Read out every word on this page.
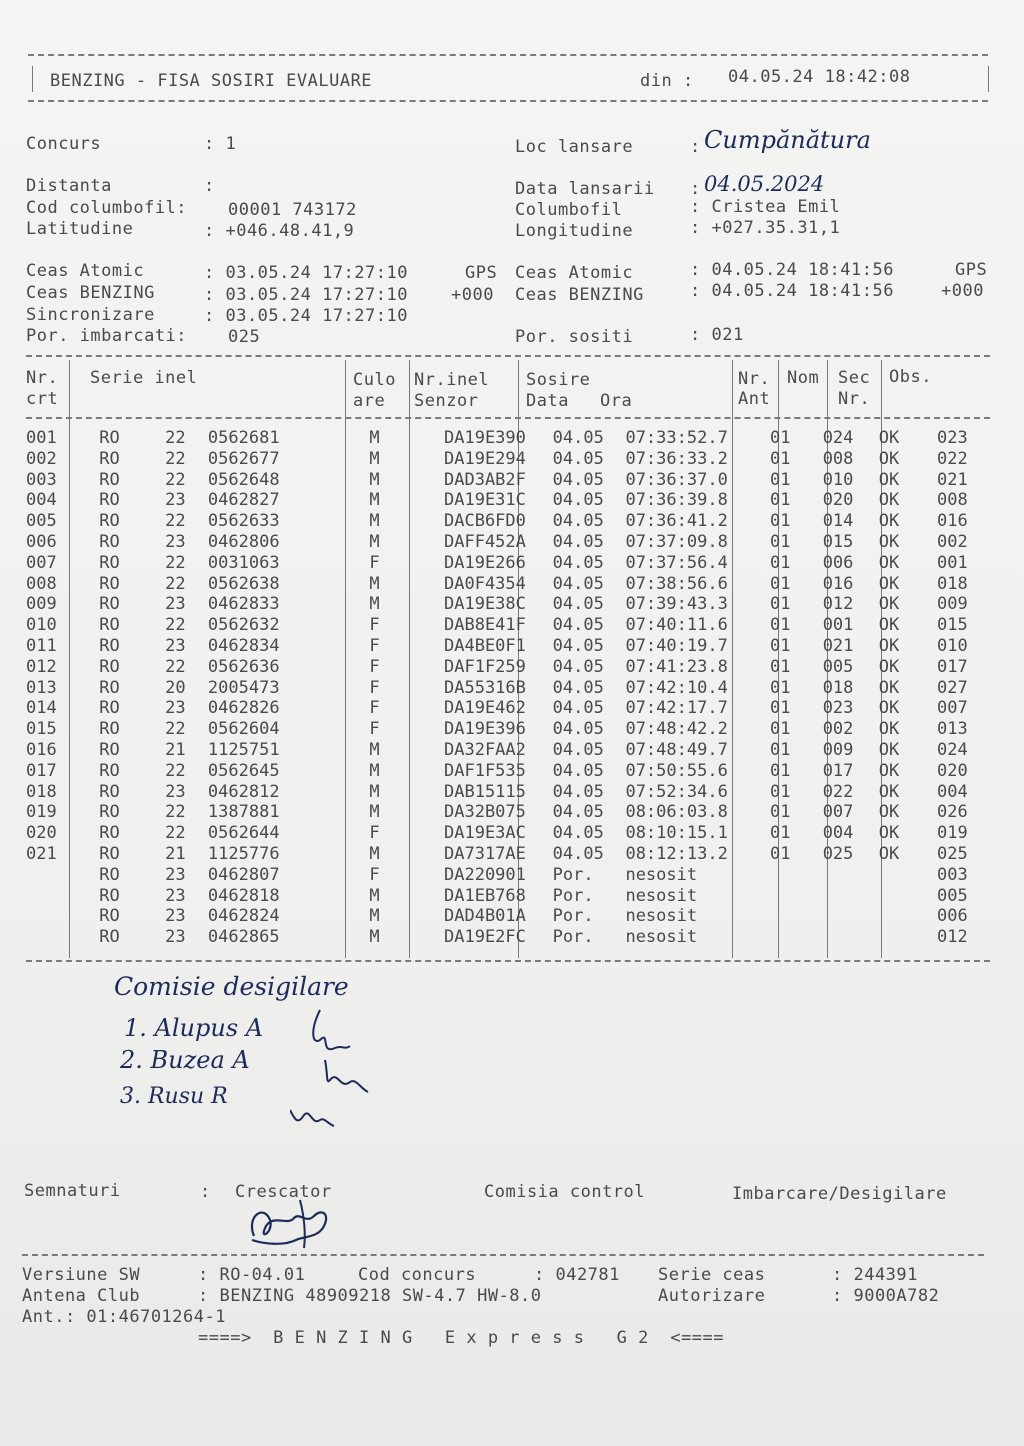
BENZING - FISA SOSIRI EVALUARE	din : 04.05.24 18:42:08
Concurs	: 1	Loc lansare	: Cumpănătura
Distanta	:	Data lansarii : 04.05.2024
Cod columbofil: 00001 743172	Columbofil	: Cristea Emil
Latitudine	: +046.48.41,9	Longitudine	: +027.35.31,1
Ceas Atomic	: 03.05.24 17:27:10	GPS Ceas Atomic	: 04.05.24 18:41:56	GPS
Ceas BENZING	: 03.05.24 17:27:10	+000 Ceas BENZING	: 04.05.24 18:41:56	+000
Sincronizare	: 03.05.24 17:27:10
Por. imbarcati: 025	Por. sositi	: 021
Nr.
crt
Serie inel	Culo
are
Nr.inel
Senzor
Sosire
Data Ora
Nr.
Ant
Nom Sec
Nr.
Obs.
001	RO	22	0562681	M		DA19E390	04.05	07:33:52.7	01	024	OK	023
002	RO	22	0562677	M		DA19E294	04.05	07:36:33.2	01	008	OK	022
003	RO	22	0562648	M		DAD3AB2F	04.05	07:36:37.0	01	010	OK	021
004	RO	23	0462827	M		DA19E31C	04.05	07:36:39.8	01	020	OK	008
005	RO	22	0562633	M		DACB6FD0	04.05	07:36:41.2	01	014	OK	016
006	RO	23	0462806	M		DAFF452A	04.05	07:37:09.8	01	015	OK	002
007	RO	22	0031063	F		DA19E266	04.05	07:37:56.4	01	006	OK	001
008	RO	22	0562638	M		DA0F4354	04.05	07:38:56.6	01	016	OK	018
009	RO	23	0462833	M		DA19E38C	04.05	07:39:43.3	01	012	OK	009
010	RO	22	0562632	F		DAB8E41F	04.05	07:40:11.6	01	001	OK	015
011	RO	23	0462834	F		DA4BE0F1	04.05	07:40:19.7	01	021	OK	010
012	RO	22	0562636	F		DAF1F259	04.05	07:41:23.8	01	005	OK	017
013	RO	20	2005473	F		DA55316B	04.05	07:42:10.4	01	018	OK	027
014	RO	23	0462826	F		DA19E462	04.05	07:42:17.7	01	023	OK	007
015	RO	22	0562604	F		DA19E396	04.05	07:48:42.2	01	002	OK	013
016	RO	21	1125751	M		DA32FAA2	04.05	07:48:49.7	01	009	OK	024
017	RO	22	0562645	M		DAF1F535	04.05	07:50:55.6	01	017	OK	020
018	RO	23	0462812	M		DAB15115	04.05	07:52:34.6	01	022	OK	004
019	RO	22	1387881	M		DA32B075	04.05	08:06:03.8	01	007	OK	026
020	RO	22	0562644	F		DA19E3AC	04.05	08:10:15.1	01	004	OK	019
021	RO	21	1125776	M		DA7317AE	04.05	08:12:13.2	01	025	OK	025
	RO	23	0462807	F		DA220901	Por.	nesosit				003
	RO	23	0462818	M		DA1EB768	Por.	nesosit				005
	RO	23	0462824	M		DAD4B01A	Por.	nesosit				006
	RO	23	0462865	M		DA19E2FC	Por.	nesosit				012
Comisie desigilare
1. Alupus A
2. Buzea A
3. Rusu R
Semnaturi	: Crescator	Comisia control	Imbarcare/Desigilare
Versiune SW	: RO-04.01	Cod concurs	: 042781 Serie ceas	: 244391
Antena Club	: BENZING 48909218 SW-4.7 HW-8.0	Autorizare	: 9000A782
Ant.: 01:46701264-1
====>  B E N Z I N G   E x p r e s s   G 2  <====
